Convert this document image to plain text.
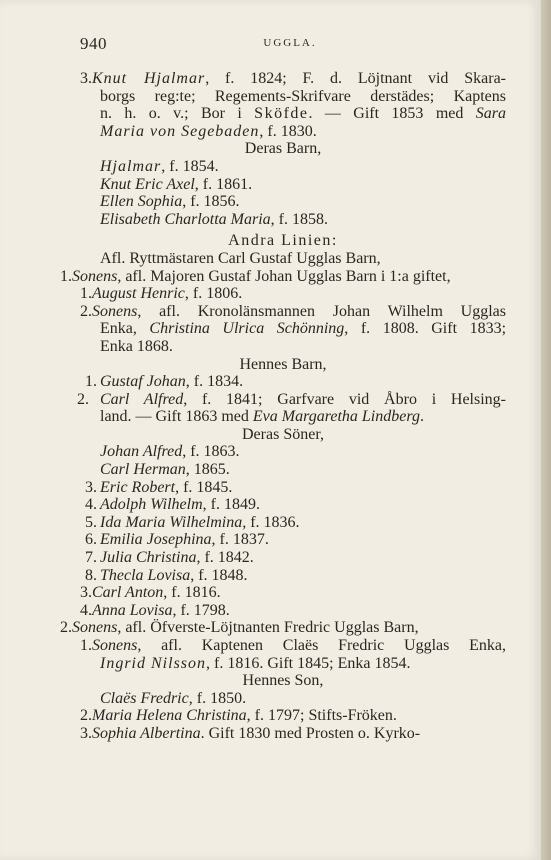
940	UGGLA.
3.Knut Hjalmar, f. 1824; F. d. Löjtnant vid Skara-
borgs reg:te; Regements-Skrifvare derstädes; Kaptens
n. h. o. v.; Bor i Sköfde. — Gift 1853 med Sara
Maria von Segebaden, f. 1830.
Deras Barn,
Hjalmar, f. 1854.
Knut Eric Axel, f. 1861.
Ellen Sophia, f. 1856.
Elisabeth Charlotta Maria, f. 1858.
Andra Linien:
Afl. Ryttmästaren Carl Gustaf Ugglas Barn,
1.Sonens, afl. Majoren Gustaf Johan Ugglas Barn i 1:a giftet,
1.August Henric, f. 1806.
2.Sonens, afl. Kronolänsmannen Johan Wilhelm Ugglas
Enka, Christina Ulrica Schönning, f. 1808. Gift 1833;
Enka 1868.
Hennes Barn,
1. Gustaf Johan, f. 1834.
2. Carl Alfred, f. 1841; Garfvare vid Åbro i Helsing-
land. — Gift 1863 med Eva Margaretha Lindberg.
Deras Söner,
Johan Alfred, f. 1863.
Carl Herman, 1865.
3. Eric Robert, f. 1845.
4. Adolph Wilhelm, f. 1849.
5. Ida Maria Wilhelmina, f. 1836.
6. Emilia Josephina, f. 1837.
7. Julia Christina, f. 1842.
8. Thecla Lovisa, f. 1848.
3.Carl Anton, f. 1816.
4.Anna Lovisa, f. 1798.
2.Sonens, afl. Öfverste-Löjtnanten Fredric Ugglas Barn,
1.Sonens, afl. Kaptenen Claës Fredric Ugglas Enka,
Ingrid Nilsson, f. 1816. Gift 1845; Enka 1854.
Hennes Son,
Claës Fredric, f. 1850.
2.Maria Helena Christina, f. 1797; Stifts-Fröken.
3.Sophia Albertina. Gift 1830 med Prosten o. Kyrko-
